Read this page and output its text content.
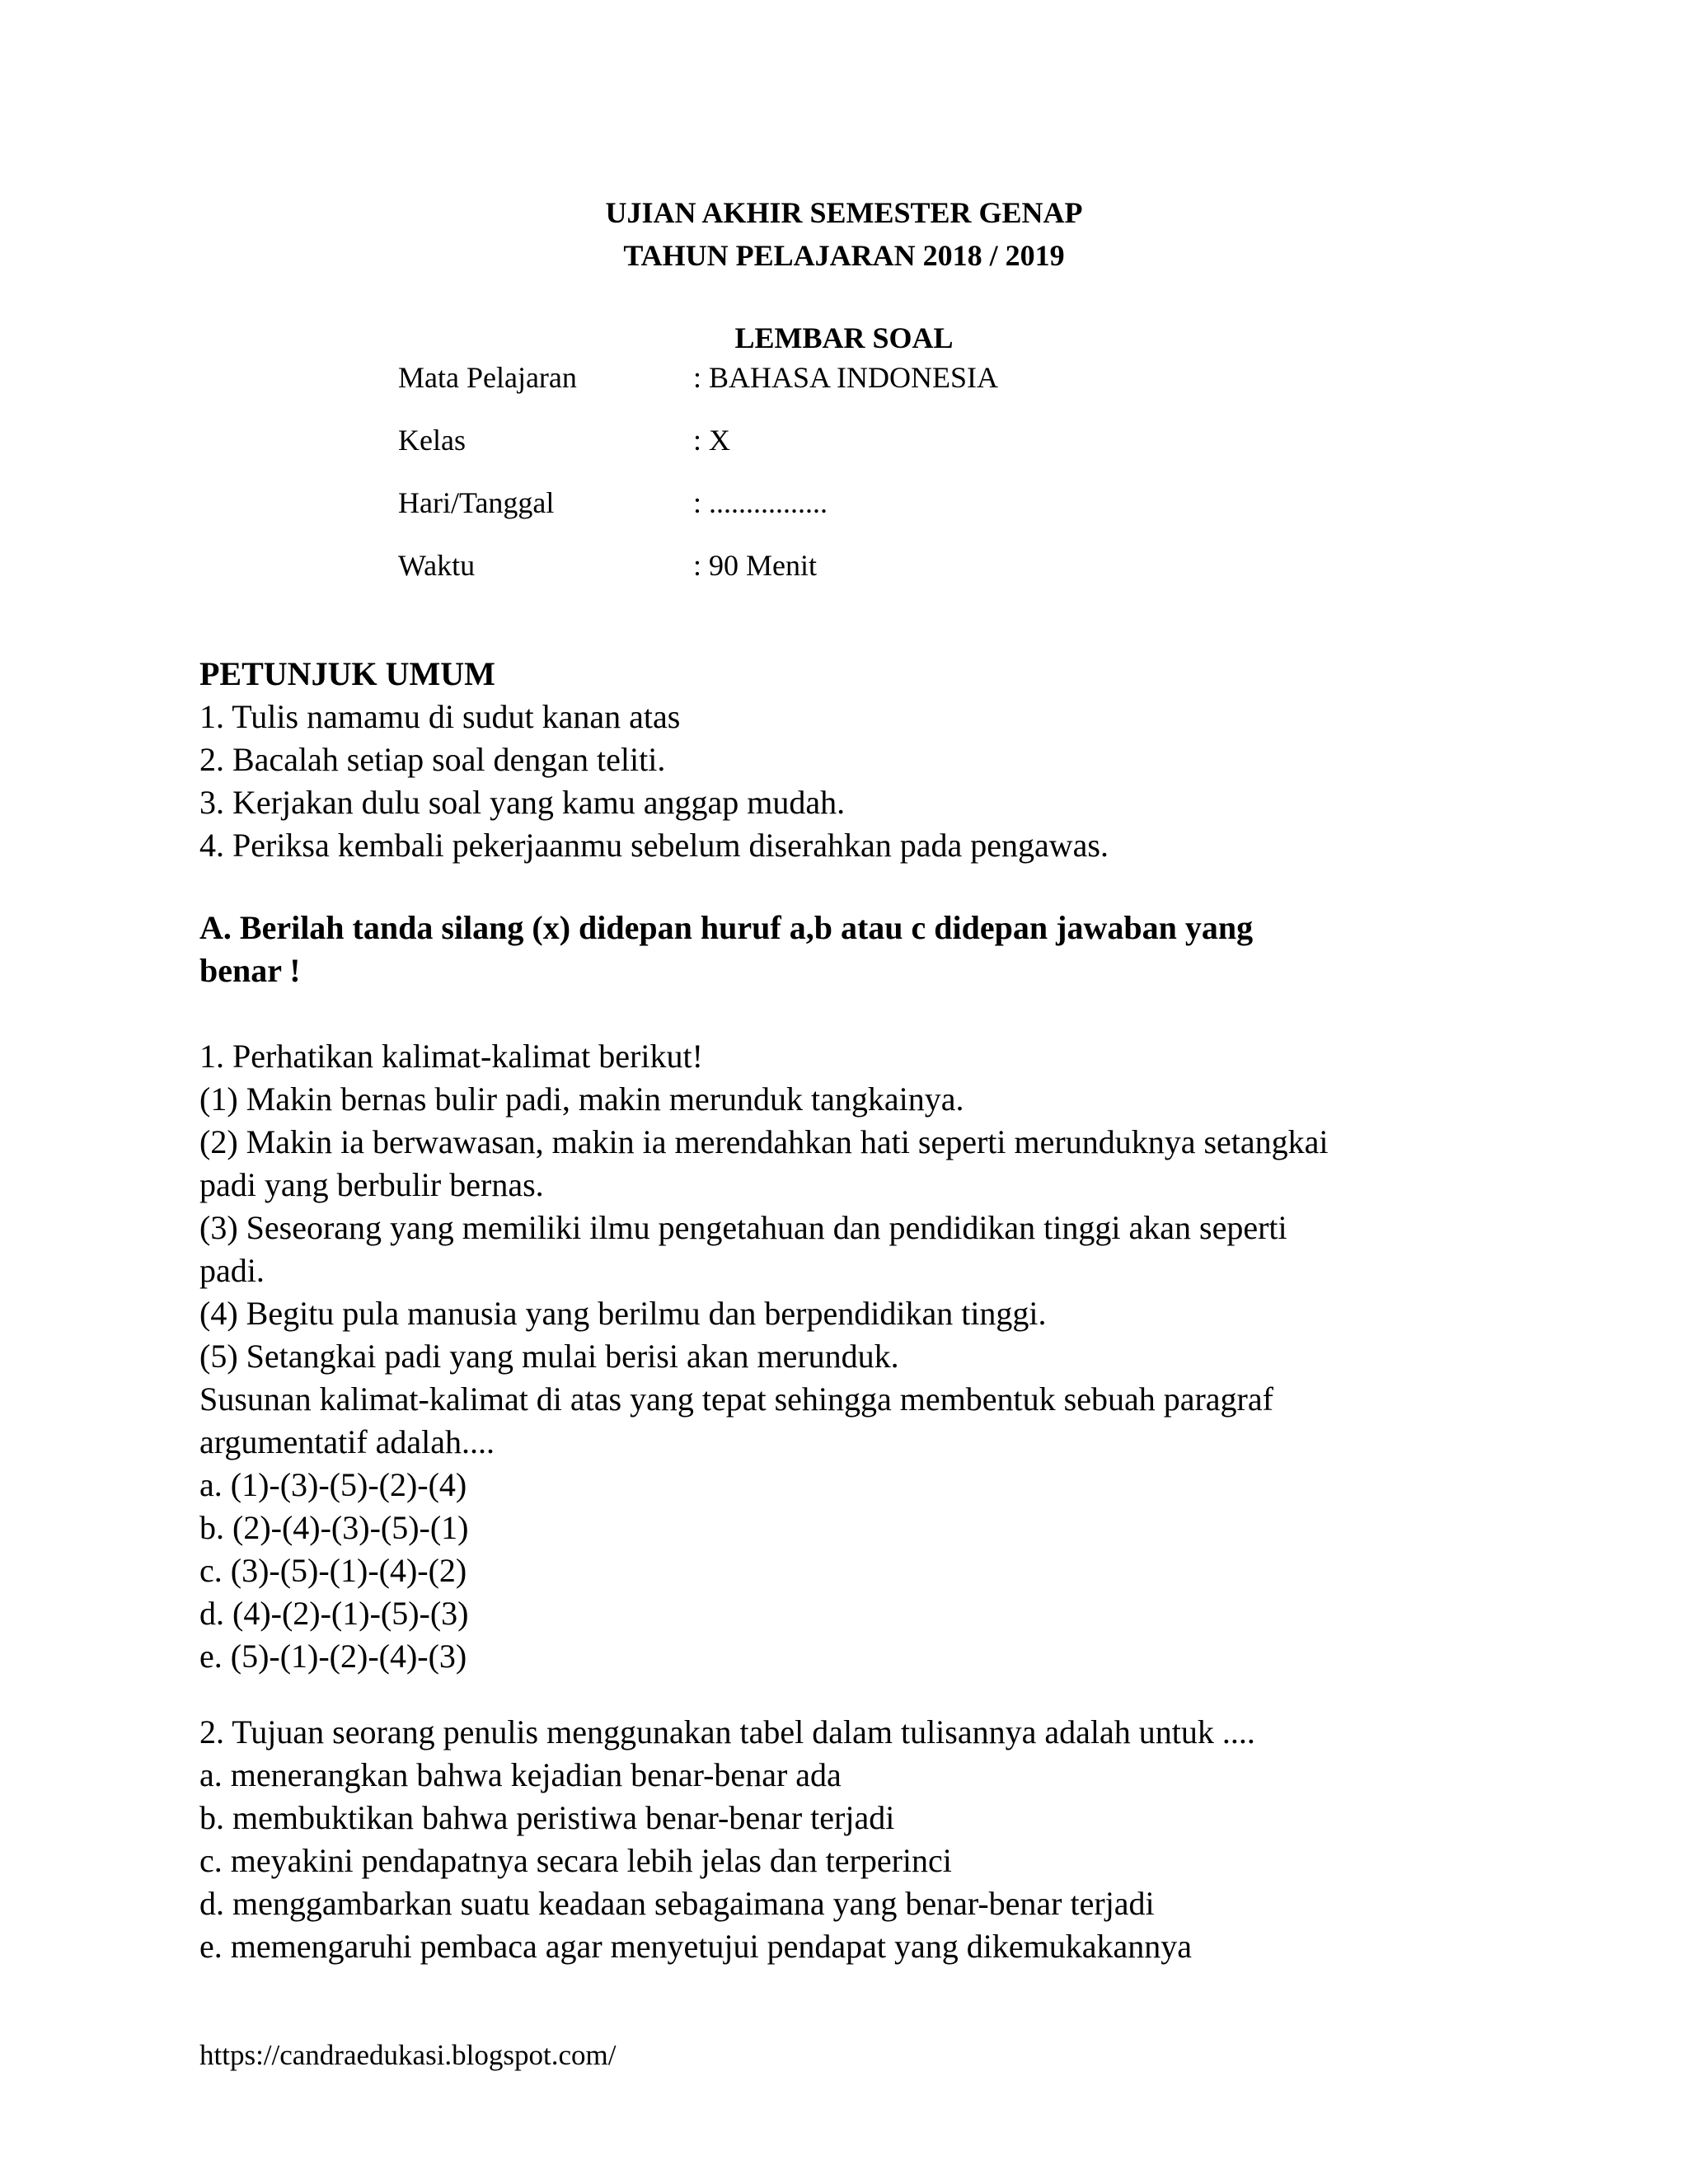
UJIAN AKHIR SEMESTER GENAP
TAHUN PELAJARAN 2018 / 2019
LEMBAR SOAL
Mata Pelajaran	: BAHASA INDONESIA
Kelas	: X
Hari/Tanggal	: ................
Waktu	: 90 Menit
PETUNJUK UMUM
1. Tulis namamu di sudut kanan atas
2. Bacalah setiap soal dengan teliti.
3. Kerjakan dulu soal yang kamu anggap mudah.
4. Periksa kembali pekerjaanmu sebelum diserahkan pada pengawas.
A. Berilah tanda silang (x) didepan huruf a,b atau c didepan jawaban yang
benar !
1. Perhatikan kalimat-kalimat berikut!
(1) Makin bernas bulir padi, makin merunduk tangkainya.
(2) Makin ia berwawasan, makin ia merendahkan hati seperti merunduknya setangkai
padi yang berbulir bernas.
(3) Seseorang yang memiliki ilmu pengetahuan dan pendidikan tinggi akan seperti
padi.
(4) Begitu pula manusia yang berilmu dan berpendidikan tinggi.
(5) Setangkai padi yang mulai berisi akan merunduk.
Susunan kalimat-kalimat di atas yang tepat sehingga membentuk sebuah paragraf
argumentatif adalah....
a. (1)-(3)-(5)-(2)-(4)
b. (2)-(4)-(3)-(5)-(1)
c. (3)-(5)-(1)-(4)-(2)
d. (4)-(2)-(1)-(5)-(3)
e. (5)-(1)-(2)-(4)-(3)
2. Tujuan seorang penulis menggunakan tabel dalam tulisannya adalah untuk ....
a. menerangkan bahwa kejadian benar-benar ada
b. membuktikan bahwa peristiwa benar-benar terjadi
c. meyakini pendapatnya secara lebih jelas dan terperinci
d. menggambarkan suatu keadaan sebagaimana yang benar-benar terjadi
e. memengaruhi pembaca agar menyetujui pendapat yang dikemukakannya
https://candraedukasi.blogspot.com/
